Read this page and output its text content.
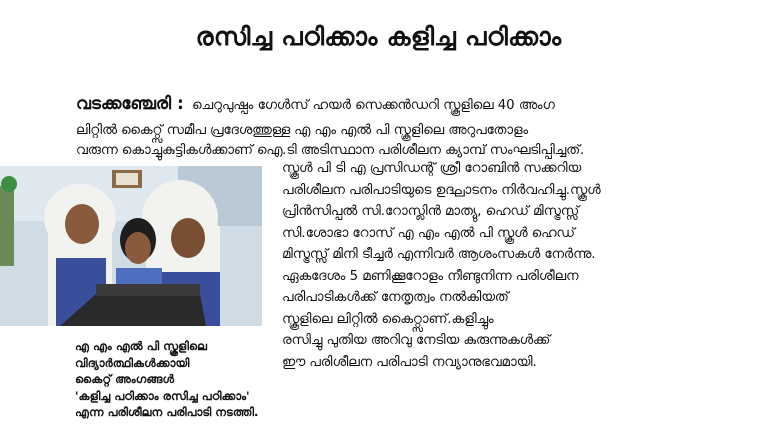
രസിച്ച പഠിക്കാം കളിച്ച പഠിക്കാം

വടക്കഞ്ചേരി : ചെറുപുഷ്പം ഗേൾസ് ഹയർ സെക്കൻഡറി സ്കൂളിലെ 40 അംഗ

ലിറ്റിൽ കൈറ്റ്സ് സമീപ പ്രദേശത്തുള്ള എ എം എൽ പി സ്കൂളിലെ അറുപതോളം
വരുന്ന കൊച്ചുകുട്ടികൾക്കാണ് ഐ.ടി അടിസ്ഥാന പരിശീലന ക്യാമ്പ് സംഘടിപ്പിച്ചത്.

സ്കൂൾ പി ടി എ പ്രസിഡന്റ് ശ്രീ റോബിൻ സക്കറിയ
പരിശീലന പരിപാടിയുടെ ഉദ്ഘാടനം നിർവഹിച്ചു.സ്കൂൾ
പ്രിൻസിപ്പൽ സി.റോസ്ലിൻ മാത്യു, ഹെഡ് മിസ്ട്രസ്സ്
സി.ശോഭാ റോസ് എ എം എൽ പി സ്കൂൾ ഹെഡ്
മിസ്ട്രസ്സ് മിനി ടീച്ചർ എന്നിവർ ആശംസകൾ നേർന്നു.
ഏകദേശം 5 മണിക്കൂറോളം നീണ്ടുനിന്ന പരിശീലന
പരിപാടികൾക്ക് നേതൃത്വം നൽകിയത്
സ്കൂളിലെ ലിറ്റിൽ കൈറ്റ്സാണ്.കളിച്ചും
രസിച്ചു പുതിയ അറിവു നേടിയ കുരുന്നുകൾക്ക്
ഈ പരിശീലന പരിപാടി നവ്യാനുഭവമായി.
എ എം എൽ പി സ്കൂളിലെ
വിദ്യാർത്ഥികൾക്കായി
കൈറ്റ് അംഗങ്ങൾ
'കളിച്ച പഠിക്കാം രസിച്ച പഠിക്കാം'
എന്ന പരിശീലന പരിപാടി നടത്തി.
